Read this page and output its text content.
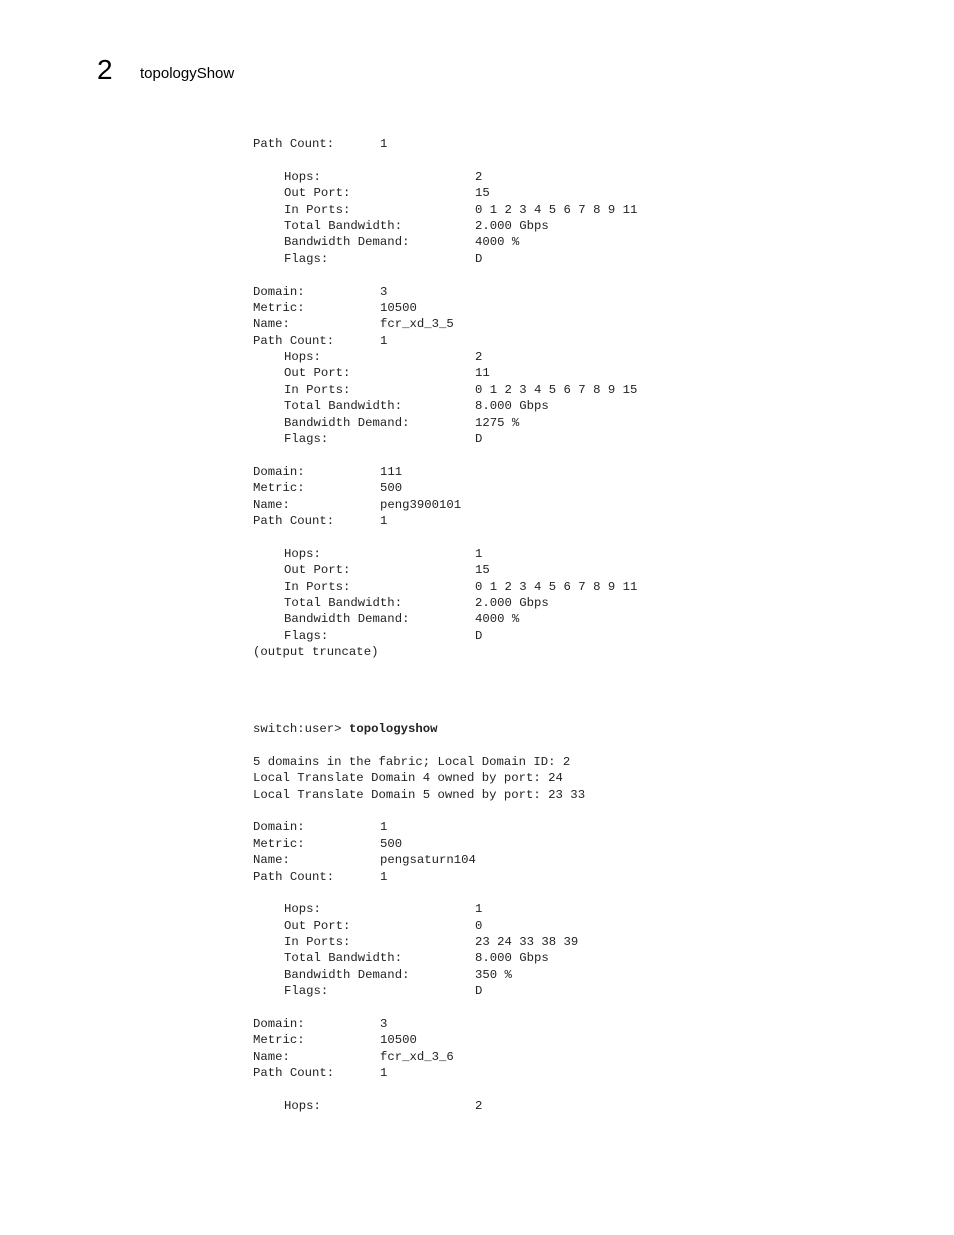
2 topologyShow
Path Count:	1
Hops:	2
Out Port:	15
In Ports:	0 1 2 3 4 5 6 7 8 9 11
Total Bandwidth:	2.000 Gbps
Bandwidth Demand:	4000 %
Flags:	D
Domain:	3
Metric:	10500
Name:	fcr_xd_3_5
Path Count:	1
Hops:	2
Out Port:	11
In Ports:	0 1 2 3 4 5 6 7 8 9 15
Total Bandwidth:	8.000 Gbps
Bandwidth Demand:	1275 %
Flags:	D
Domain:	111
Metric:	500
Name:	peng3900101
Path Count:	1
Hops:	1
Out Port:	15
In Ports:	0 1 2 3 4 5 6 7 8 9 11
Total Bandwidth:	2.000 Gbps
Bandwidth Demand:	4000 %
Flags:	D
(output truncate)
switch:user> topologyshow
5 domains in the fabric; Local Domain ID: 2
Local Translate Domain 4 owned by port: 24
Local Translate Domain 5 owned by port: 23 33
Domain:	1
Metric:	500
Name:	pengsaturn104
Path Count:	1
Hops:	1
Out Port:	0
In Ports:	23 24 33 38 39
Total Bandwidth:	8.000 Gbps
Bandwidth Demand:	350 %
Flags:	D
Domain:	3
Metric:	10500
Name:	fcr_xd_3_6
Path Count:	1
Hops:	2
